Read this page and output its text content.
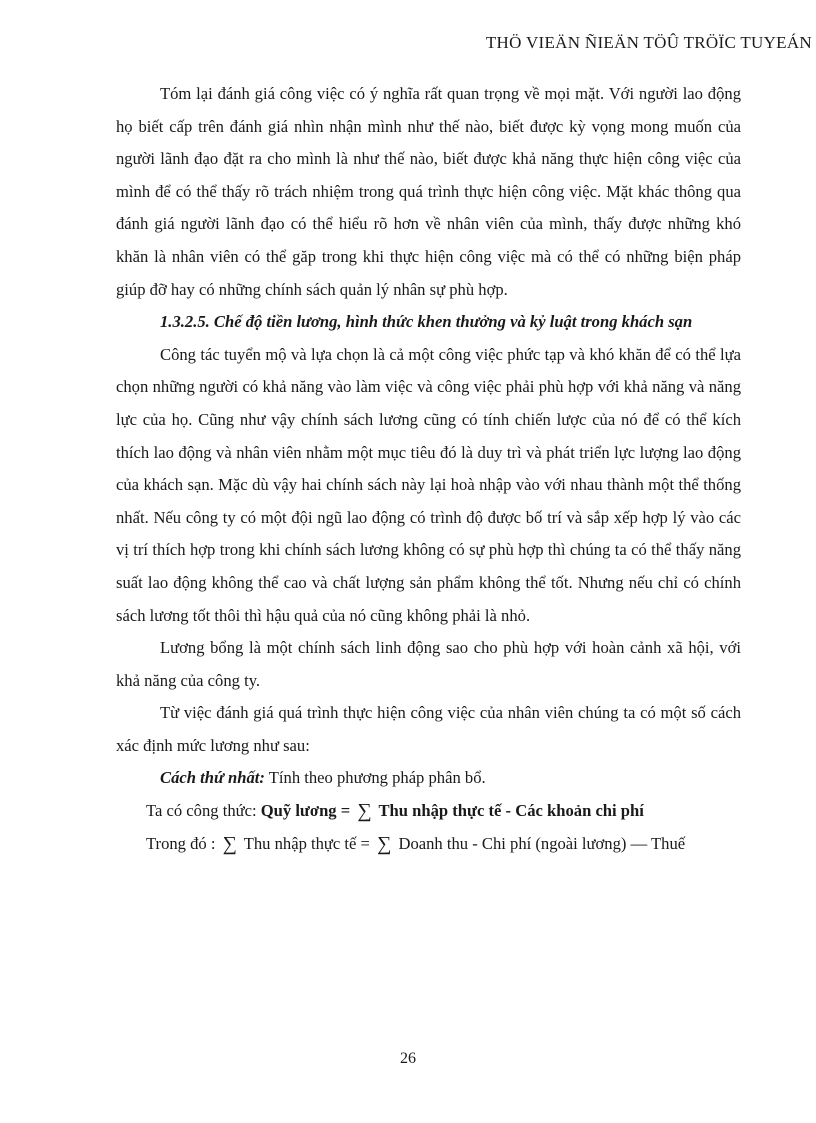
THÖ VIEÄN ÑIEÄN TÖÛ TRÖÏC TUYEÁN

Tóm lại đánh giá công việc có ý nghĩa rất quan trọng về mọi mặt. Với người lao động họ biết cấp trên đánh giá nhìn nhận mình như thế nào, biết được kỳ vọng mong muốn của người lãnh đạo đặt ra cho mình là như thế nào, biết được khả năng thực hiện công việc của mình để có thể thấy rõ trách nhiệm trong quá trình thực hiện công việc. Mặt khác thông qua đánh giá người lãnh đạo có thể hiểu rõ hơn về nhân viên của mình, thấy được những khó khăn là nhân viên có thể găp trong khi thực hiện công việc mà có thể có những biện pháp giúp đỡ hay có những chính sách quản lý nhân sự phù hợp.

1.3.2.5. Chế độ tiền lương, hình thức khen thưởng và kỷ luật trong khách sạn

Công tác tuyển mộ và lựa chọn là cả một công việc phức tạp và khó khăn để có thể lựa chọn những người có khả năng vào làm việc và công việc phải phù hợp với khả năng và năng lực của họ. Cũng như vậy chính sách lương cũng có tính chiến lược của nó để có thể kích thích lao động và nhân viên nhằm một mục tiêu đó là duy trì và phát triển lực lượng lao động của khách sạn. Mặc dù vậy hai chính sách này lại hoà nhập vào với nhau thành một thể thống nhất. Nếu công ty có một đội ngũ lao động có trình độ được bố trí và sắp xếp hợp lý vào các vị trí thích hợp trong khi chính sách lương không có sự phù hợp thì chúng ta có thể thấy năng suất lao động không thể cao và chất lượng sản phẩm không thể tốt. Nhưng nếu chỉ có chính sách lương tốt thôi thì hậu quả của nó cũng không phải là nhỏ.

Lương bổng là một chính sách linh động sao cho phù hợp với hoàn cảnh xã hội, với khả năng của công ty.

Từ việc đánh giá quá trình thực hiện công việc của nhân viên chúng ta có một số cách xác định mức lương như sau:

Cách thứ nhất: Tính theo phương pháp phân bổ.

Ta có công thức: Quỹ lương = ∑ Thu nhập thực tế - Các khoản chi phí

Trong đó : ∑ Thu nhập thực tế = ∑ Doanh thu - Chi phí (ngoài lương) — Thuế

26
